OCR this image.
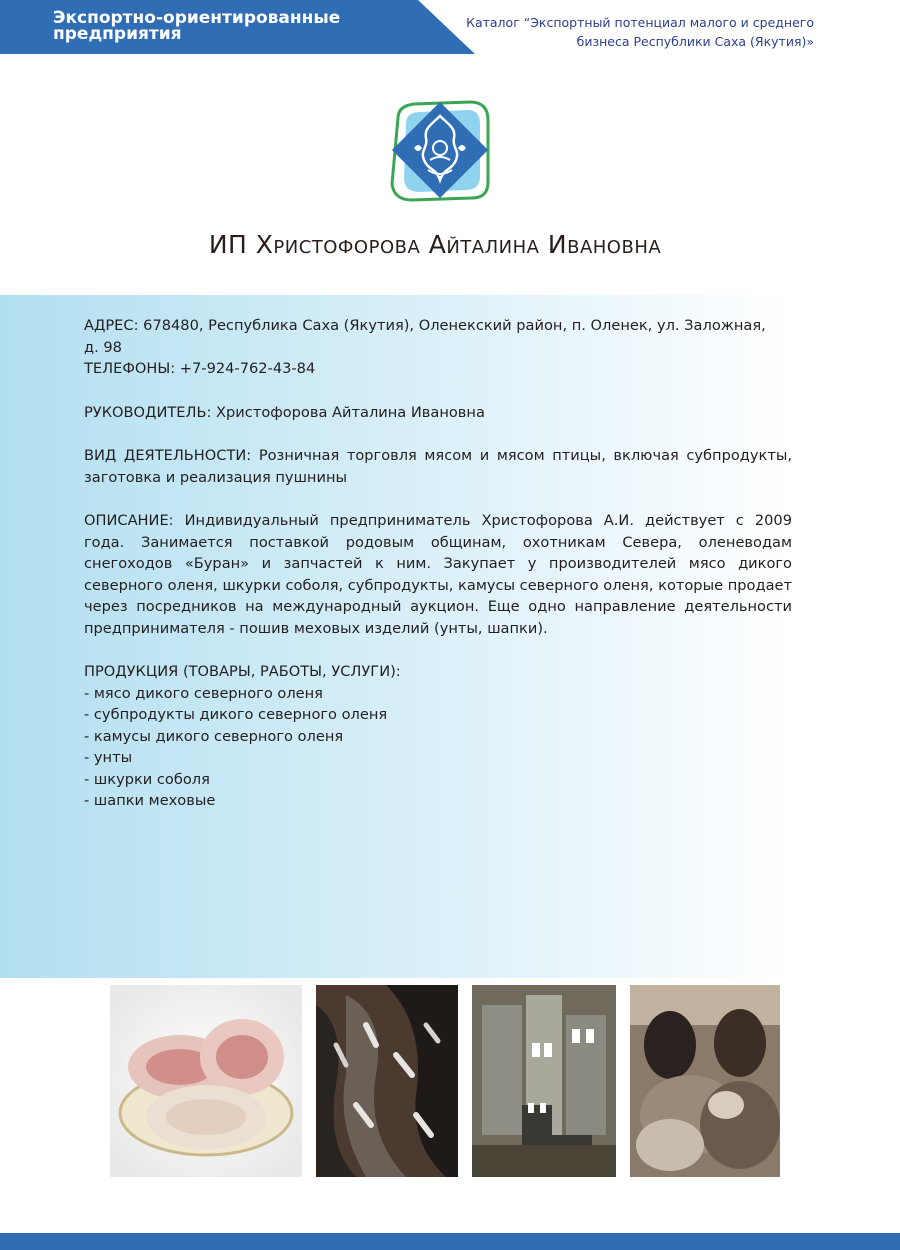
Экспортно-ориентированные предприятия
Каталог “Экспортный потенциал малого и среднего
бизнеса Республики Саха (Якутия)»
ИП Христофорова Айталина Ивановна

АДРЕС: 678480, Республика Саха (Якутия), Оленекский район, п. Оленек, ул. Заложная,

д. 98

ТЕЛЕФОНЫ: +7-924-762-43-84

РУКОВОДИТЕЛЬ: Христофорова Айталина Ивановна

ВИД ДЕЯТЕЛЬНОСТИ: Розничная торговля мясом и мясом птицы, включая субпродукты, заготовка и реализация пушнины

ОПИСАНИЕ: Индивидуальный предприниматель Христофорова А.И. действует с 2009 года. Занимается поставкой родовым общинам, охотникам Севера, оленеводам снегоходов «Буран» и запчастей к ним. Закупает у производителей мясо дикого северного оленя, шкурки соболя, субпродукты, камусы северного оленя, которые продает через посредников на международный аукцион. Еще одно направление деятельности предпринимателя - пошив меховых изделий (унты, шапки).

ПРОДУКЦИЯ (ТОВАРЫ, РАБОТЫ, УСЛУГИ):

- мясо дикого северного оленя
- субпродукты дикого северного оленя
- камусы дикого северного оленя
- унты
- шкурки соболя
- шапки меховые
